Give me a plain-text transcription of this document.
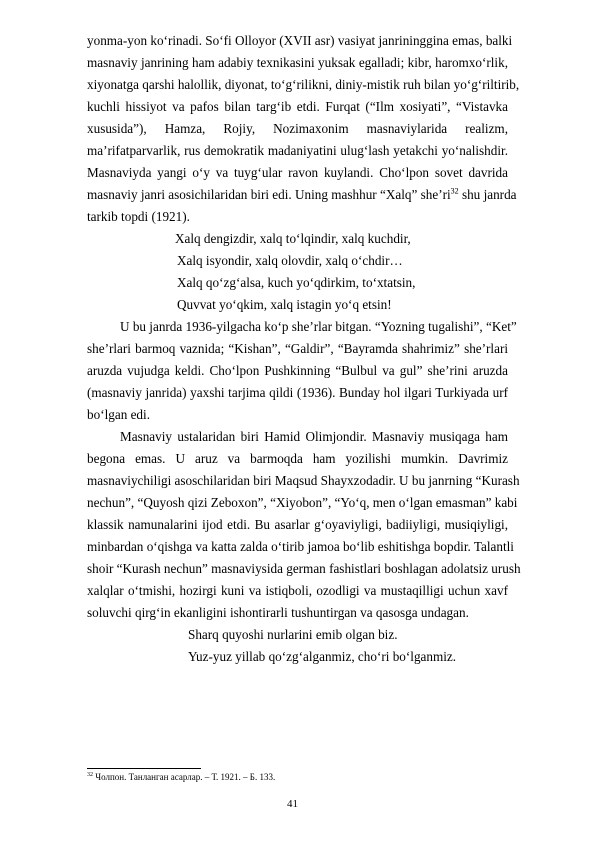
yonma-yon ko‘rinadi. So‘fi Olloyor (XVII asr) vasiyat janrininggina emas, balki
masnaviy janrining ham adabiy texnikasini yuksak egalladi; kibr, haromxo‘rlik,
xiyonatga qarshi halollik, diyonat, to‘g‘rilikni, diniy-mistik ruh bilan yo‘g‘riltirib,
kuchli hissiyot va pafos bilan targ‘ib etdi. Furqat (“Ilm xosiyati”, “Vistavka
xususida”), Hamza, Rojiy, Nozimaxonim masnaviylarida realizm,
ma’rifatparvarlik, rus demokratik madaniyatini ulug‘lash yetakchi yo‘nalishdir.
Masnaviyda yangi o‘y va tuyg‘ular ravon kuylandi. Cho‘lpon sovet davrida
masnaviy janri asosichilaridan biri edi. Uning mashhur “Xalq” $she’ri^{32}$ shu janrda
tarkib topdi (1921).
Xalq dengizdir, xalq to‘lqindir, xalq kuchdir,
Xalq isyondir, xalq olovdir, xalq o‘chdir…
Xalq qo‘zg‘alsa, kuch yo‘qdirkim, to‘xtatsin,
Quvvat yo‘qkim, xalq istagin yo‘q etsin!
U bu janrda 1936-yilgacha ko‘p she’rlar bitgan. “Yozning tugalishi”, “Ket”
she’rlari barmoq vaznida; “Kishan”, “Galdir”, “Bayramda shahrimiz” she’rlari
aruzda vujudga keldi. Cho‘lpon Pushkinning “Bulbul va gul” she’rini aruzda
(masnaviy janrida) yaxshi tarjima qildi (1936). Bunday hol ilgari Turkiyada urf
bo‘lgan edi.
Masnaviy ustalaridan biri Hamid Olimjondir. Masnaviy musiqaga ham
begona emas. U aruz va barmoqda ham yozilishi mumkin. Davrimiz
masnaviychiligi asoschilaridan biri Maqsud Shayxzodadir. U bu janrning “Kurash
nechun”, “Quyosh qizi Zeboxon”, “Xiyobon”, “Yo‘q, men o‘lgan emasman” kabi
klassik namunalarini ijod etdi. Bu asarlar g‘oyaviyligi, badiiyligi, musiqiyligi,
minbardan o‘qishga va katta zalda o‘tirib jamoa bo‘lib eshitishga bopdir. Talantli
shoir “Kurash nechun” masnaviysida german fashistlari boshlagan adolatsiz urush
xalqlar o‘tmishi, hozirgi kuni va istiqboli, ozodligi va mustaqilligi uchun xavf
soluvchi qirg‘in ekanligini ishontirarli tushuntirgan va qasosga undagan.
Sharq quyoshi nurlarini emib olgan biz.
Yuz-yuz yillab qo‘zg‘alganmiz, cho‘ri bo‘lganmiz.
$^{32}$ Чолпон. Танланган асарлар. – Т. 1921. – Б. 133.
41
